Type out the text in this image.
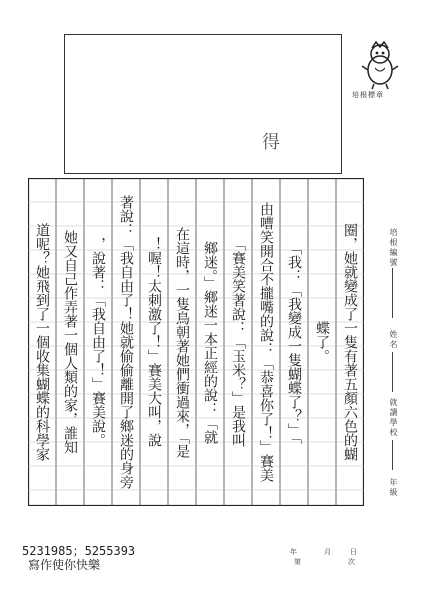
得
培根標章
圈，她就變成了一隻有著五顏六色的蝴
蝶了。
「我：「我變成一隻蝴蝶了？」「
由嘈笑開合不攏嘴的說：「恭喜你了！」賽美
「賽美笑著說：「玉米？」是我叫
鄉迷。」鄉迷一本正經的說：「就
在這時，一隻鳥朝著她們衝過來，「是
！喔！太刺激了！」賽美大叫，說
著說：「我自由了！她就偷偷離開了鄉迷的身旁
，說著：「我自由了！」賽美說。
她又自己作弄著一個人類的家，誰知
道呢？她飛到了一個收集蝴蝶的科學家	培根編號
姓名
就讀學校
年級
5231985；5255393
寫作使你快樂
年	月	日
第	次
